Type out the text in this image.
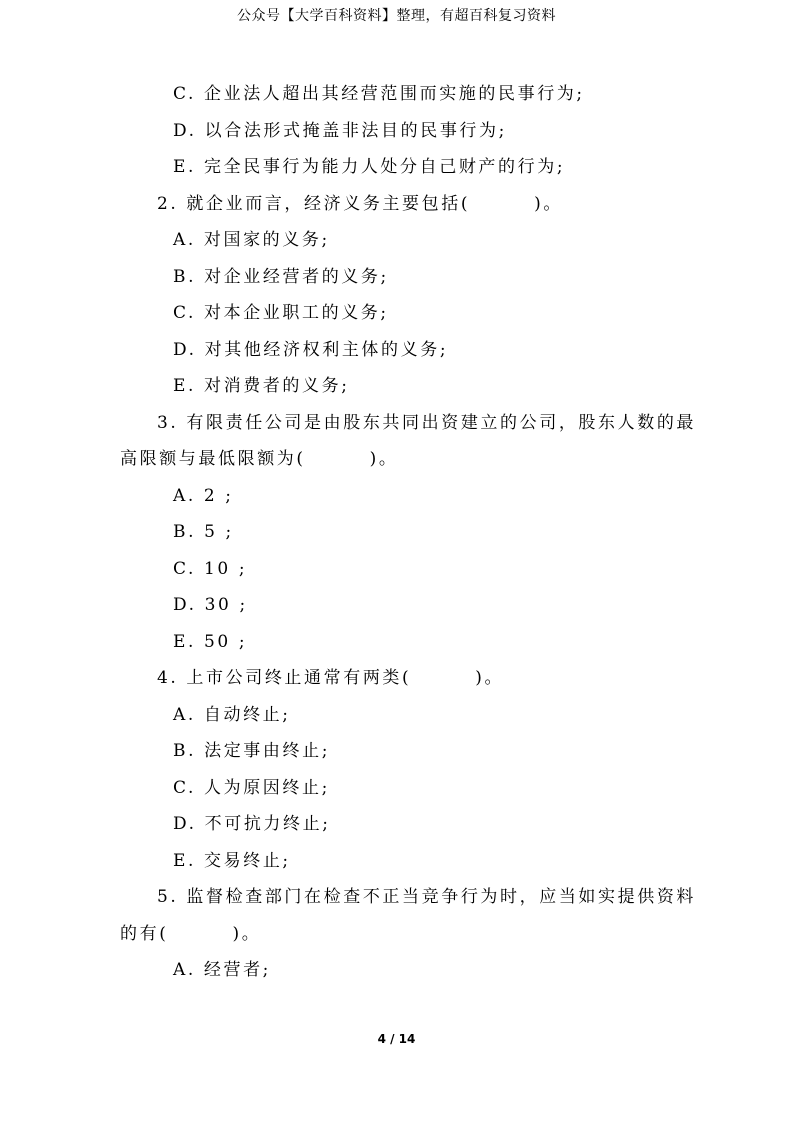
公众号【大学百科资料】整理，有超百科复习资料
C. 企业法人超出其经营范围而实施的民事行为;
D. 以合法形式掩盖非法目的民事行为;
E. 完全民事行为能力人处分自己财产的行为;
2. 就企业而言，经济义务主要包括(        )。
A. 对国家的义务;
B. 对企业经营者的义务;
C. 对本企业职工的义务;
D. 对其他经济权利主体的义务;
E. 对消费者的义务;
3. 有限责任公司是由股东共同出资建立的公司，股东人数的最
高限额与最低限额为(        )。
A. 2 ;
B. 5 ;
C. 10 ;
D. 30 ;
E. 50 ;
4. 上市公司终止通常有两类(        )。
A. 自动终止;
B. 法定事由终止;
C. 人为原因终止;
D. 不可抗力终止;
E. 交易终止;
5. 监督检查部门在检查不正当竞争行为时，应当如实提供资料
的有(        )。
A. 经营者;
4 / 14
